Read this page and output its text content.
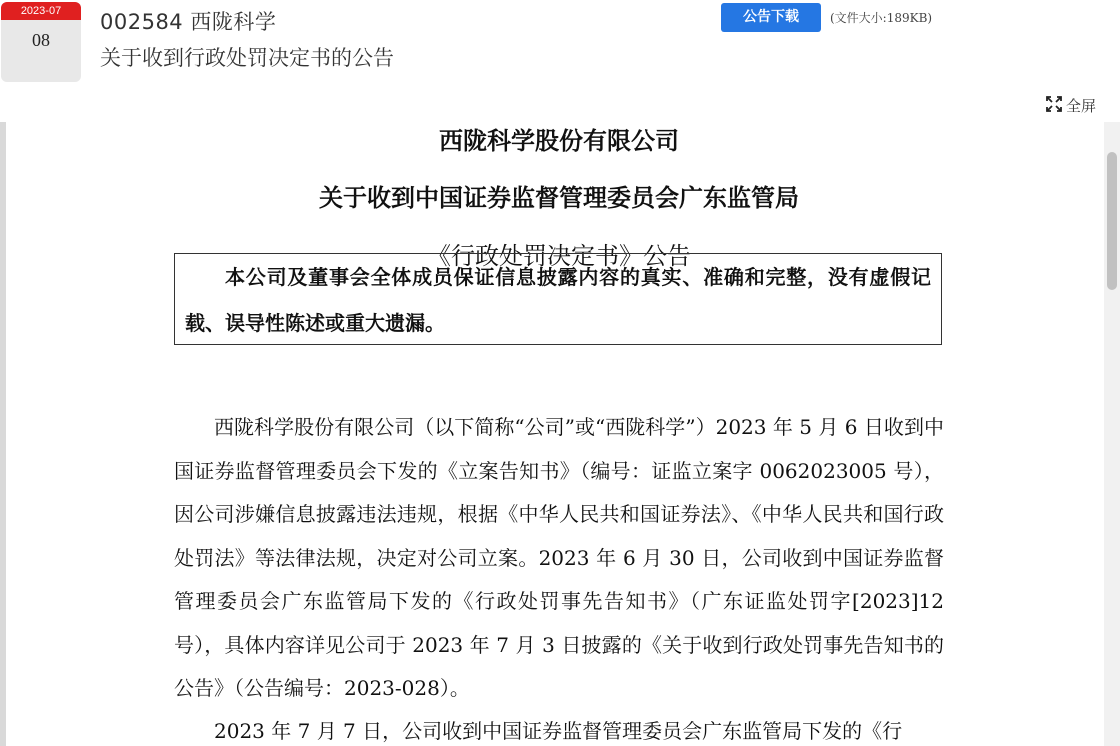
2023-07
08
002584 西陇科学
关于收到行政处罚决定书的公告
公告下载	(文件大小:189KB)
全屏
西陇科学股份有限公司
关于收到中国证券监督管理委员会广东监管局
《行政处罚决定书》公告
本公司及董事会全体成员保证信息披露内容的真实、准确和完整，没有虚假记载、误导性陈述或重大遗漏。

西陇科学股份有限公司（以下简称“公司”或“西陇科学”）2023 年 5 月 6 日收到中国证券监督管理委员会下发的《立案告知书》（编号：证监立案字 0062023005 号），因公司涉嫌信息披露违法违规，根据《中华人民共和国证券法》、《中华人民共和国行政处罚法》等法律法规，决定对公司立案。2023 年 6 月 30 日，公司收到中国证券监督管理委员会广东监管局下发的《行政处罚事先告知书》（广东证监处罚字[2023]12 号），具体内容详见公司于 2023 年 7 月 3 日披露的《关于收到行政处罚事先告知书的公告》（公告编号：2023-028）。

2023 年 7 月 7 日，公司收到中国证券监督管理委员会广东监管局下发的《行
